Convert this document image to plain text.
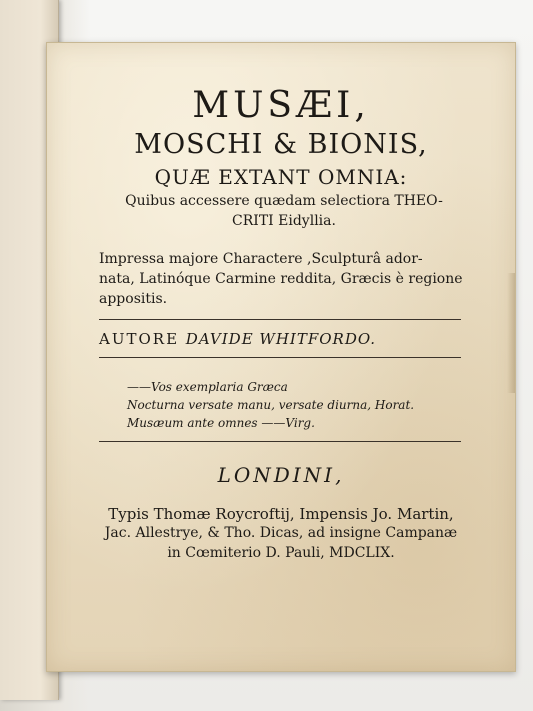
MUSÆI,
MOSCHI & BIONIS,
QUÆ EXTANT OMNIA:
Quibus accessere quædam selectiora THEO-
CRITI Eidyllia.
Impressa majore Charactere ,Sculpturâ ador-
nata, Latinóque Carmine reddita, Græcis è regione
appositis.
AUTORE DAVIDE WHITFORDO.
——Vos exemplaria Græca
Nocturna versate manu, versate diurna, Horat.
Musæum ante omnes ——Virg.
LONDINI,
Typis Thomæ Roycroftij, Impensis Jo. Martin,
Jac. Allestrye, & Tho. Dicas, ad insigne Campanæ
in Cœmiterio D. Pauli, MDCLIX.
